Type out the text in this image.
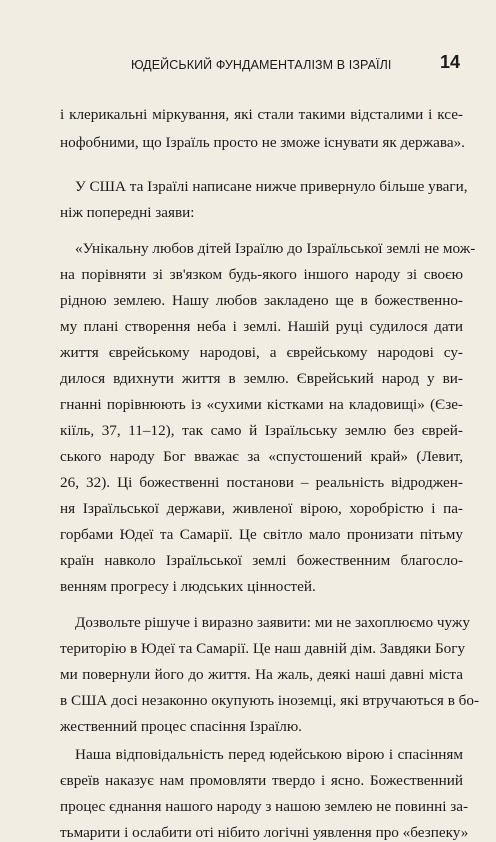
ЮДЕЙСЬКИЙ ФУНДАМЕНТАЛІЗМ В ІЗРАЇЛІ	14
і клерикальні міркування, які стали такими відсталими і ксе-
нофобними, що Ізраїль просто не зможе існувати як держава».
У США та Ізраїлі написане нижче привернуло більше уваги,
ніж попередні заяви:
«Унікальну любов дітей Ізраїлю до Ізраїльської землі не мож-
на порівняти зі зв'язком будь-якого іншого народу зі своєю
рідною землею. Нашу любов закладено ще в божественно-
му плані створення неба і землі. Нашій руці судилося дати
життя єврейському народові, а єврейському народові су-
дилося вдихнути життя в землю. Єврейський народ у ви-
гнанні порівнюють із «сухими кістками на кладовищі» (Єзе-
кіїль, 37, 11–12), так само й Ізраїльську землю без єврей-
ського народу Бог вважає за «спустошений край» (Левит,
26, 32). Ці божественні постанови – реальність відроджен-
ня Ізраїльської держави, живленої вірою, хоробрістю і па-
горбами Юдеї та Самарії. Це світло мало пронизати пітьму
країн навколо Ізраїльської землі божественним благосло-
венням прогресу і людських цінностей.
Дозвольте рішуче і виразно заявити: ми не захоплюємо чужу
територію в Юдеї та Самарії. Це наш давній дім. Завдяки Богу
ми повернули його до життя. На жаль, деякі наші давні міста
в США досі незаконно окупують іноземці, які втручаються в бо-
жественний процес спасіння Ізраїлю.
Наша відповідальність перед юдейською вірою і спасінням
євреїв наказує нам промовляти твердо і ясно. Божественний
процес єднання нашого народу з нашою землею не повинні за-
тьмарити і ослабити оті нібито логічні уявлення про «безпеку»
